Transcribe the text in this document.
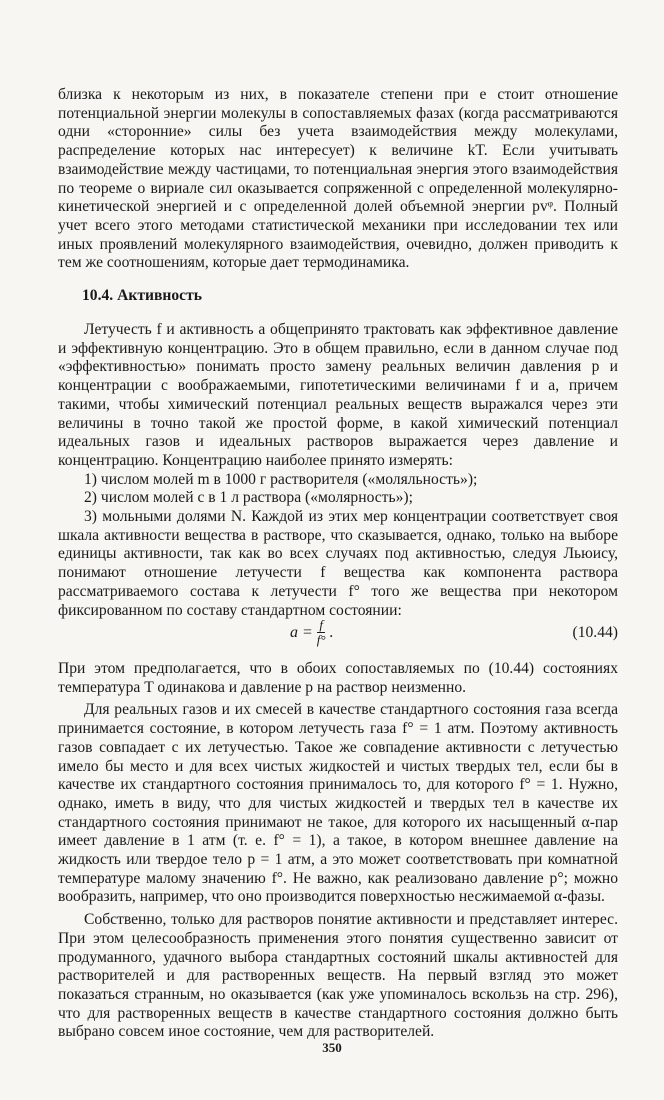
близка к некоторым из них, в показателе степени при e стоит отношение потенциальной энергии молекулы в сопоставляемых фазах (когда рассматриваются одни «сторонние» силы без учета взаимодействия между молекулами, распределение которых нас интересует) к величине kT. Если учитывать взаимодействие между частицами, то потенциальная энергия этого взаимодействия по теореме о вириале сил оказывается сопряженной с определенной молекулярно-кинетической энергией и с определенной долей объемной энергии pvᵠ. Полный учет всего этого методами статистической механики при исследовании тех или иных проявлений молекулярного взаимодействия, очевидно, должен приводить к тем же соотношениям, которые дает термодинамика.

10.4. Активность

Летучесть f и активность a общепринято трактовать как эффективное давление и эффективную концентрацию. Это в общем правильно, если в данном случае под «эффективностью» понимать просто замену реальных величин давления p и концентрации c воображаемыми, гипотетическими величинами f и a, причем такими, чтобы химический потенциал реальных веществ выражался через эти величины в точно такой же простой форме, в какой химический потенциал идеальных газов и идеальных растворов выражается через давление и концентрацию. Концентрацию наиболее принято измерять:

1) числом молей m в 1000 г растворителя («моляльность»);

2) числом молей c в 1 л раствора («молярность»);

3) мольными долями N. Каждой из этих мер концентрации соответствует своя шкала активности вещества в растворе, что сказывается, однако, только на выборе единицы активности, так как во всех случаях под активностью, следуя Льюису, понимают отношение летучести f вещества как компонента раствора рассматриваемого состава к летучести f° того же вещества при некотором фиксированном по составу стандартном состоянии:

$a = \frac{f}{f^\circ}$ .	(10.44)

При этом предполагается, что в обоих сопоставляемых по (10.44) состояниях температура T одинакова и давление p на раствор неизменно.

Для реальных газов и их смесей в качестве стандартного состояния газа всегда принимается состояние, в котором летучесть газа f° = 1 атм. Поэтому активность газов совпадает с их летучестью. Такое же совпадение активности с летучестью имело бы место и для всех чистых жидкостей и чистых твердых тел, если бы в качестве их стандартного состояния принималось то, для которого f° = 1. Нужно, однако, иметь в виду, что для чистых жидкостей и твердых тел в качестве их стандартного состояния принимают не такое, для которого их насыщенный α-пар имеет давление в 1 атм (т. е. f° = 1), а такое, в котором внешнее давление на жидкость или твердое тело p = 1 атм, а это может соответствовать при комнатной температуре малому значению f°. Не важно, как реализовано давление p°; можно вообразить, например, что оно производится поверхностью несжимаемой α-фазы.

Собственно, только для растворов понятие активности и представляет интерес. При этом целесообразность применения этого понятия существенно зависит от продуманного, удачного выбора стандартных состояний шкалы активностей для растворителей и для растворенных веществ. На первый взгляд это может показаться странным, но оказывается (как уже упоминалось вскользь на стр. 296), что для растворенных веществ в качестве стандартного состояния должно быть выбрано совсем иное состояние, чем для растворителей.

350
